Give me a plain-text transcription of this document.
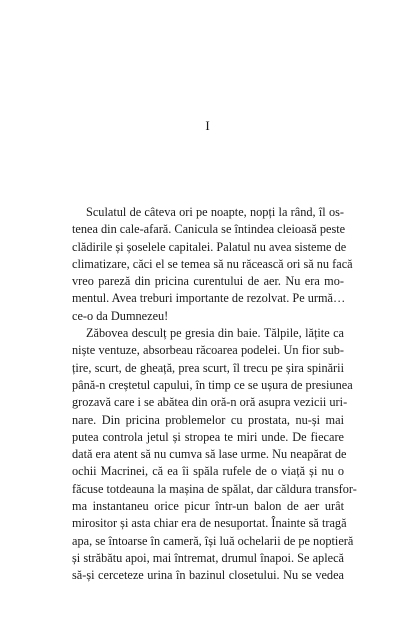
I
Sculatul de câteva ori pe noapte, nopți la rând, îl os-
tenea din cale-afară. Canicula se întindea cleioasă peste
clădirile și șoselele capitalei. Palatul nu avea sisteme de
climatizare, căci el se temea să nu răcească ori să nu facă
vreo pareză din pricina curentului de aer. Nu era mo-
mentul. Avea treburi importante de rezolvat. Pe urmă…
ce-o da Dumnezeu!
Zăbovea desculț pe gresia din baie. Tălpile, lățite ca
niște ventuze, absorbeau răcoarea podelei. Un fior sub-
țire, scurt, de gheață, prea scurt, îl trecu pe șira spinării
până-n creștetul capului, în timp ce se ușura de presiunea
grozavă care i se abătea din oră-n oră asupra vezicii uri-
nare. Din pricina problemelor cu prostata, nu-și mai
putea controla jetul și stropea te miri unde. De fiecare
dată era atent să nu cumva să lase urme. Nu neapărat de
ochii Macrinei, că ea îi spăla rufele de o viață și nu o
făcuse totdeauna la mașina de spălat, dar căldura transfor-
ma instantaneu orice picur într-un balon de aer urât
mirositor și asta chiar era de nesuportat. Înainte să tragă
apa, se întoarse în cameră, își luă ochelarii de pe noptieră
și străbătu apoi, mai întremat, drumul înapoi. Se aplecă
să-și cerceteze urina în bazinul closetului. Nu se vedea
